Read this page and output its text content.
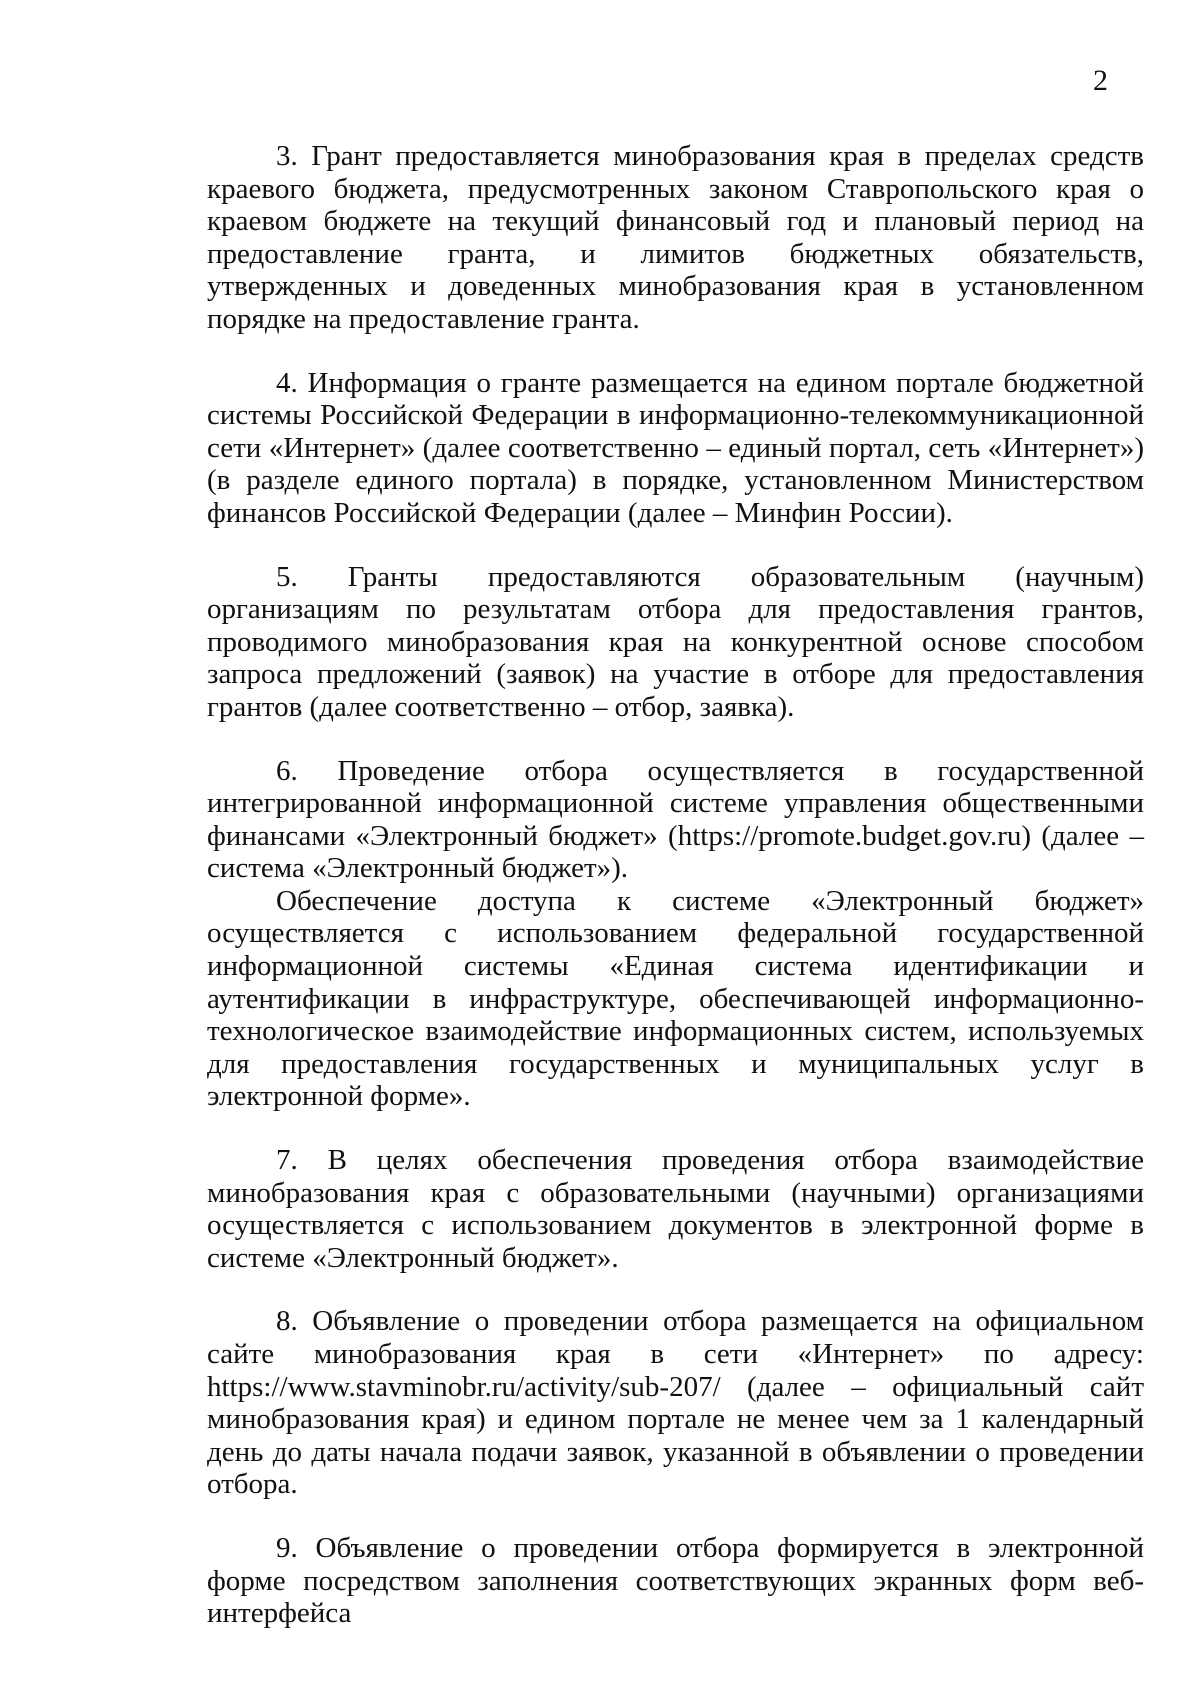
2

3. Грант предоставляется минобразования края в пределах средств краевого бюджета, предусмотренных законом Ставропольского края о краевом бюджете на текущий финансовый год и плановый период на предоставление гранта, и лимитов бюджетных обязательств, утвержденных и доведенных минобразования края в установленном порядке на предоставление гранта.

4. Информация о гранте размещается на едином портале бюджетной системы Российской Федерации в информационно-телекоммуникационной сети «Интернет» (далее соответственно – единый портал, сеть «Интернет») (в разделе единого портала) в порядке, установленном Министерством финансов Российской Федерации (далее – Минфин России).

5. Гранты предоставляются образовательным (научным) организациям по результатам отбора для предоставления грантов, проводимого минобразования края на конкурентной основе способом запроса предложений (заявок) на участие в отборе для предоставления грантов (далее соответственно – отбор, заявка).

6. Проведение отбора осуществляется в государственной интегрированной информационной системе управления общественными финансами «Электронный бюджет» (https://promote.budget.gov.ru) (далее – система «Электронный бюджет»).

Обеспечение доступа к системе «Электронный бюджет» осуществляется с использованием федеральной государственной информационной системы «Единая система идентификации и аутентификации в инфраструктуре, обеспечивающей информационно-технологическое взаимодействие информационных систем, используемых для предоставления государственных и муниципальных услуг в электронной форме».

7. В целях обеспечения проведения отбора взаимодействие минобразования края с образовательными (научными) организациями осуществляется с использованием документов в электронной форме в системе «Электронный бюджет».

8. Объявление о проведении отбора размещается на официальном сайте минобразования края в сети «Интернет» по адресу: https://www.stavminobr.ru/activity/sub-207/ (далее – официальный сайт минобразования края) и едином портале не менее чем за 1 календарный день до даты начала подачи заявок, указанной в объявлении о проведении отбора.

9. Объявление о проведении отбора формируется в электронной форме посредством заполнения соответствующих экранных форм веб-интерфейса
